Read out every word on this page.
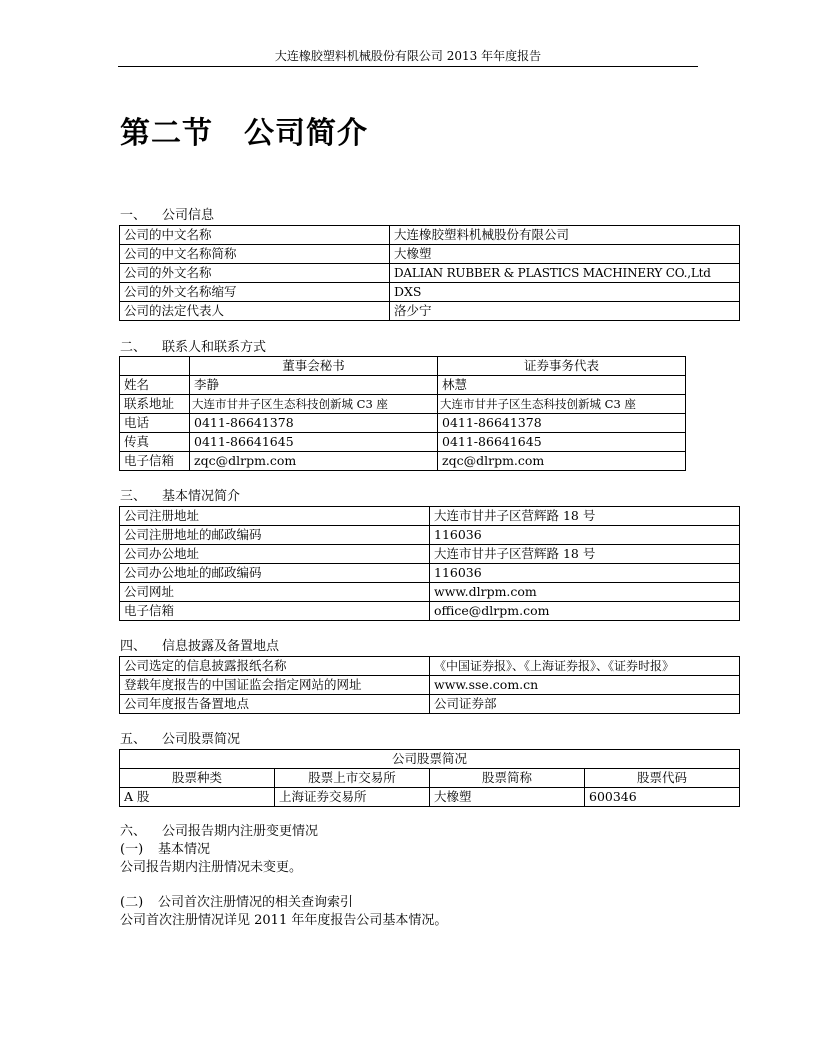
大连橡胶塑料机械股份有限公司 2013 年年度报告
第二节　公司简介
一、 公司信息
公司的中文名称	大连橡胶塑料机械股份有限公司
公司的中文名称简称	大橡塑
公司的外文名称	DALIAN RUBBER & PLASTICS MACHINERY CO.,Ltd
公司的外文名称缩写	DXS
公司的法定代表人	洛少宁
二、 联系人和联系方式
	董事会秘书	证券事务代表
姓名	李静	林慧
联系地址	大连市甘井子区生态科技创新城 C3 座	大连市甘井子区生态科技创新城 C3 座
电话	0411-86641378	0411-86641378
传真	0411-86641645	0411-86641645
电子信箱	zqc@dlrpm.com	zqc@dlrpm.com
三、 基本情况简介
公司注册地址	大连市甘井子区营辉路 18 号
公司注册地址的邮政编码	116036
公司办公地址	大连市甘井子区营辉路 18 号
公司办公地址的邮政编码	116036
公司网址	www.dlrpm.com
电子信箱	office@dlrpm.com
四、 信息披露及备置地点
公司选定的信息披露报纸名称	《中国证券报》、《上海证券报》、《证券时报》
登载年度报告的中国证监会指定网站的网址	www.sse.com.cn
公司年度报告备置地点	公司证券部
五、 公司股票简况
公司股票简况			
股票种类	股票上市交易所	股票简称	股票代码
A 股	上海证券交易所	大橡塑	600346
六、 公司报告期内注册变更情况
(一) 基本情况
公司报告期内注册情况未变更。
(二) 公司首次注册情况的相关查询索引
公司首次注册情况详见 2011 年年度报告公司基本情况。
